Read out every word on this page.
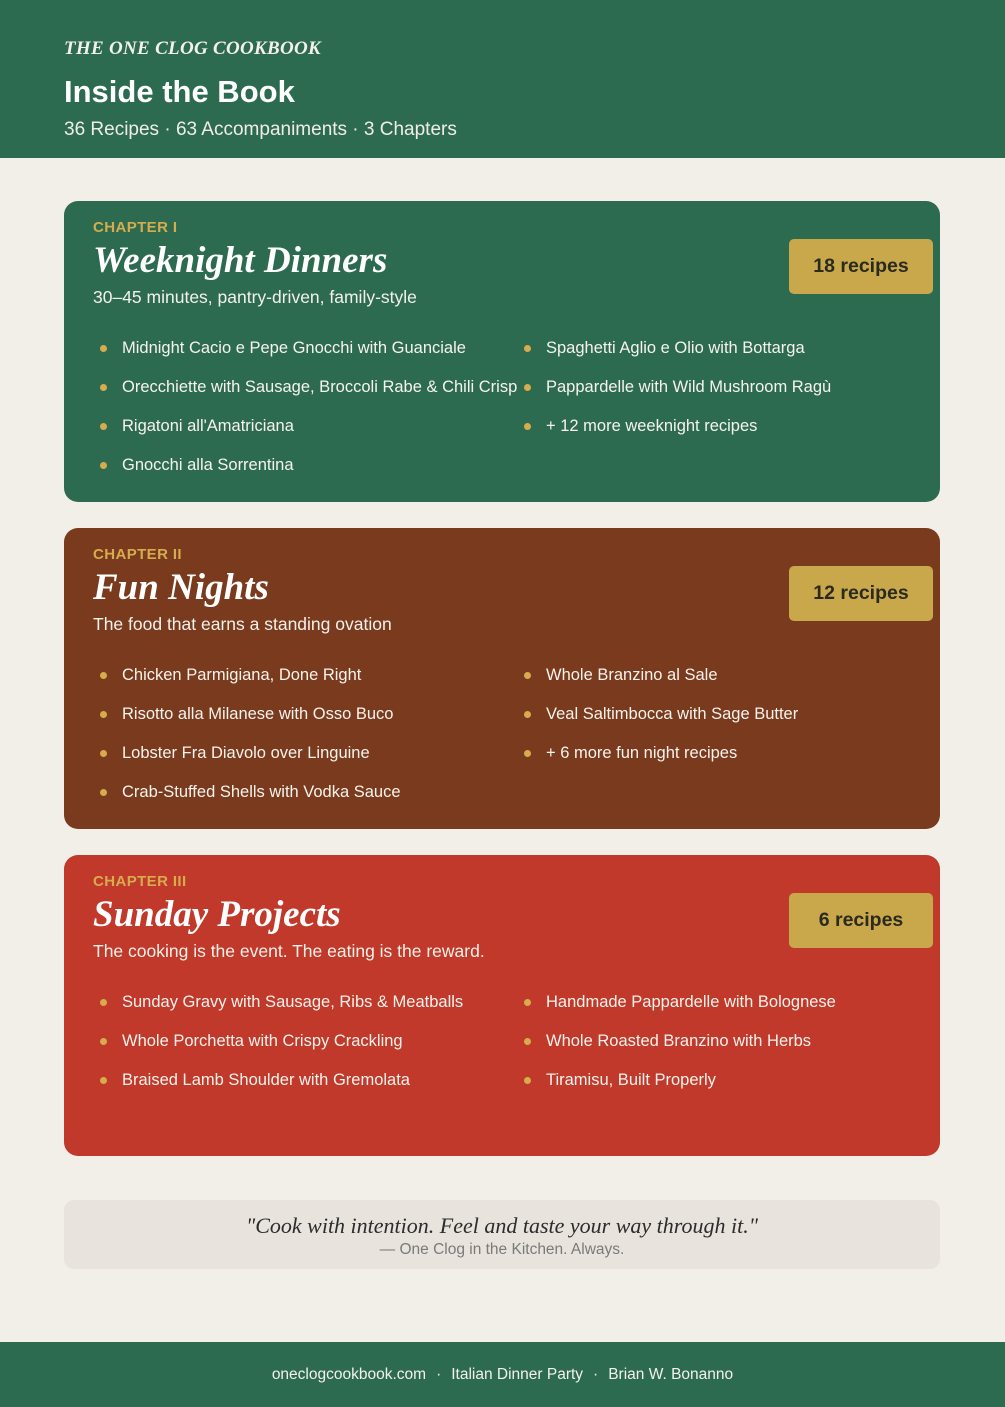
THE ONE CLOG COOKBOOK
Inside the Book
36 Recipes · 63 Accompaniments · 3 Chapters
CHAPTER I
Weeknight Dinners
30–45 minutes, pantry-driven, family-style
18 recipes
Midnight Cacio e Pepe Gnocchi with Guanciale
Orecchiette with Sausage, Broccoli Rabe & Chili Crisp
Rigatoni all'Amatriciana
Gnocchi alla Sorrentina
Spaghetti Aglio e Olio with Bottarga
Pappardelle with Wild Mushroom Ragù
+ 12 more weeknight recipes
CHAPTER II
Fun Nights
The food that earns a standing ovation
12 recipes
Chicken Parmigiana, Done Right
Risotto alla Milanese with Osso Buco
Lobster Fra Diavolo over Linguine
Crab-Stuffed Shells with Vodka Sauce
Whole Branzino al Sale
Veal Saltimbocca with Sage Butter
+ 6 more fun night recipes
CHAPTER III
Sunday Projects
The cooking is the event. The eating is the reward.
6 recipes
Sunday Gravy with Sausage, Ribs & Meatballs
Whole Porchetta with Crispy Crackling
Braised Lamb Shoulder with Gremolata
Handmade Pappardelle with Bolognese
Whole Roasted Branzino with Herbs
Tiramisu, Built Properly
"Cook with intention. Feel and taste your way through it."
— One Clog in the Kitchen. Always.
oneclogcookbook.com · Italian Dinner Party · Brian W. Bonanno
